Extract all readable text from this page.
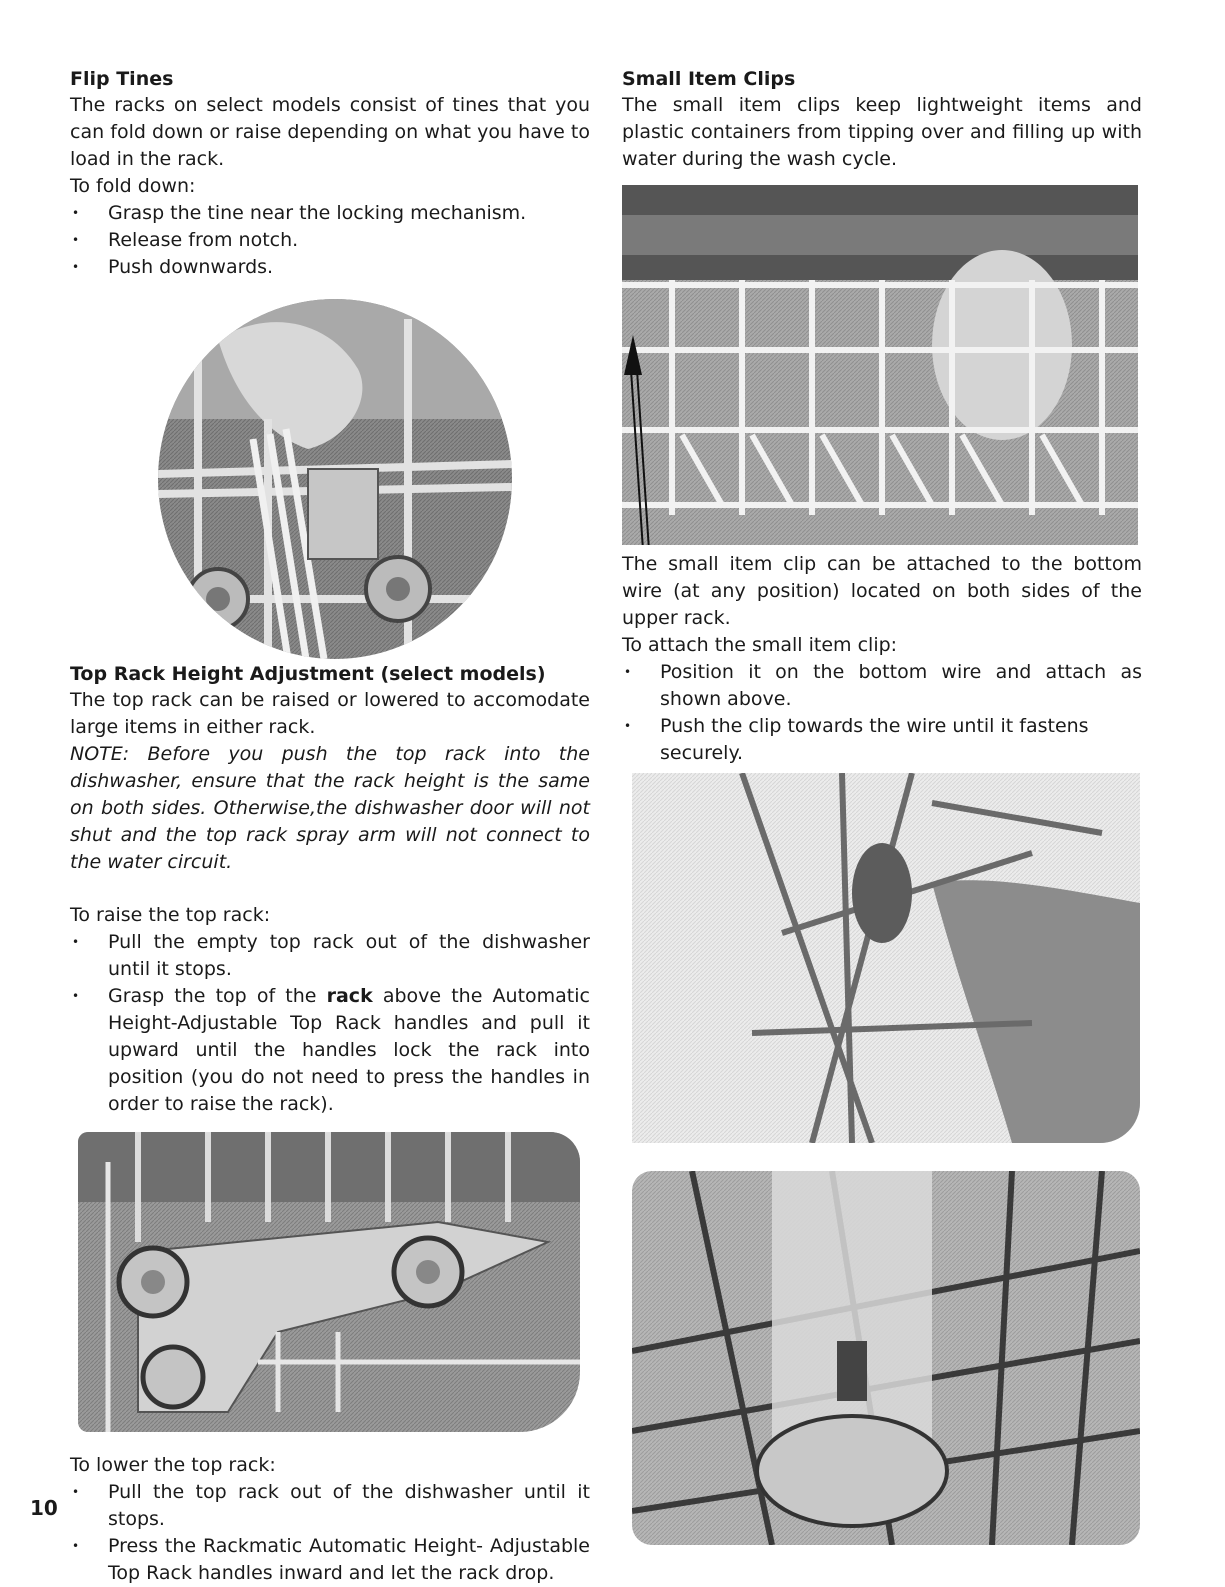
Flip Tines

The racks on select models consist of tines that you can fold down or raise depending on what you have to load in the rack.

To fold down:

• Grasp the tine near the locking mechanism.
• Release from notch.
• Push downwards.
Top Rack Height Adjustment (select models)

The top rack can be raised or lowered to accomodate large items in either rack.

NOTE: Before you push the top rack into the dishwasher, ensure that the rack height is the same on both sides. Otherwise,the dishwasher door will not shut and the top rack spray arm will not connect to the water circuit.

To raise the top rack:

• Pull the empty top rack out of the dishwasher until it stops.
• Grasp the top of the rack above the Automatic Height-Adjustable Top Rack handles and pull it upward until the handles lock the rack into position (you do not need to press the handles in order to raise the rack).

To lower the top rack:

• Pull the top rack out of the dishwasher until it stops.
• Press the Rackmatic Automatic Height- Adjustable Top Rack handles inward and let the rack drop.
Small Item Clips

The small item clips keep lightweight items and plastic containers from tipping over and filling up with water during the wash cycle.

The small item clip can be attached to the bottom wire (at any position) located on both sides of the upper rack.

To attach the small item clip:

• Position it on the bottom wire and attach as shown above.
• Push the clip towards the wire until it fastens securely.
10
